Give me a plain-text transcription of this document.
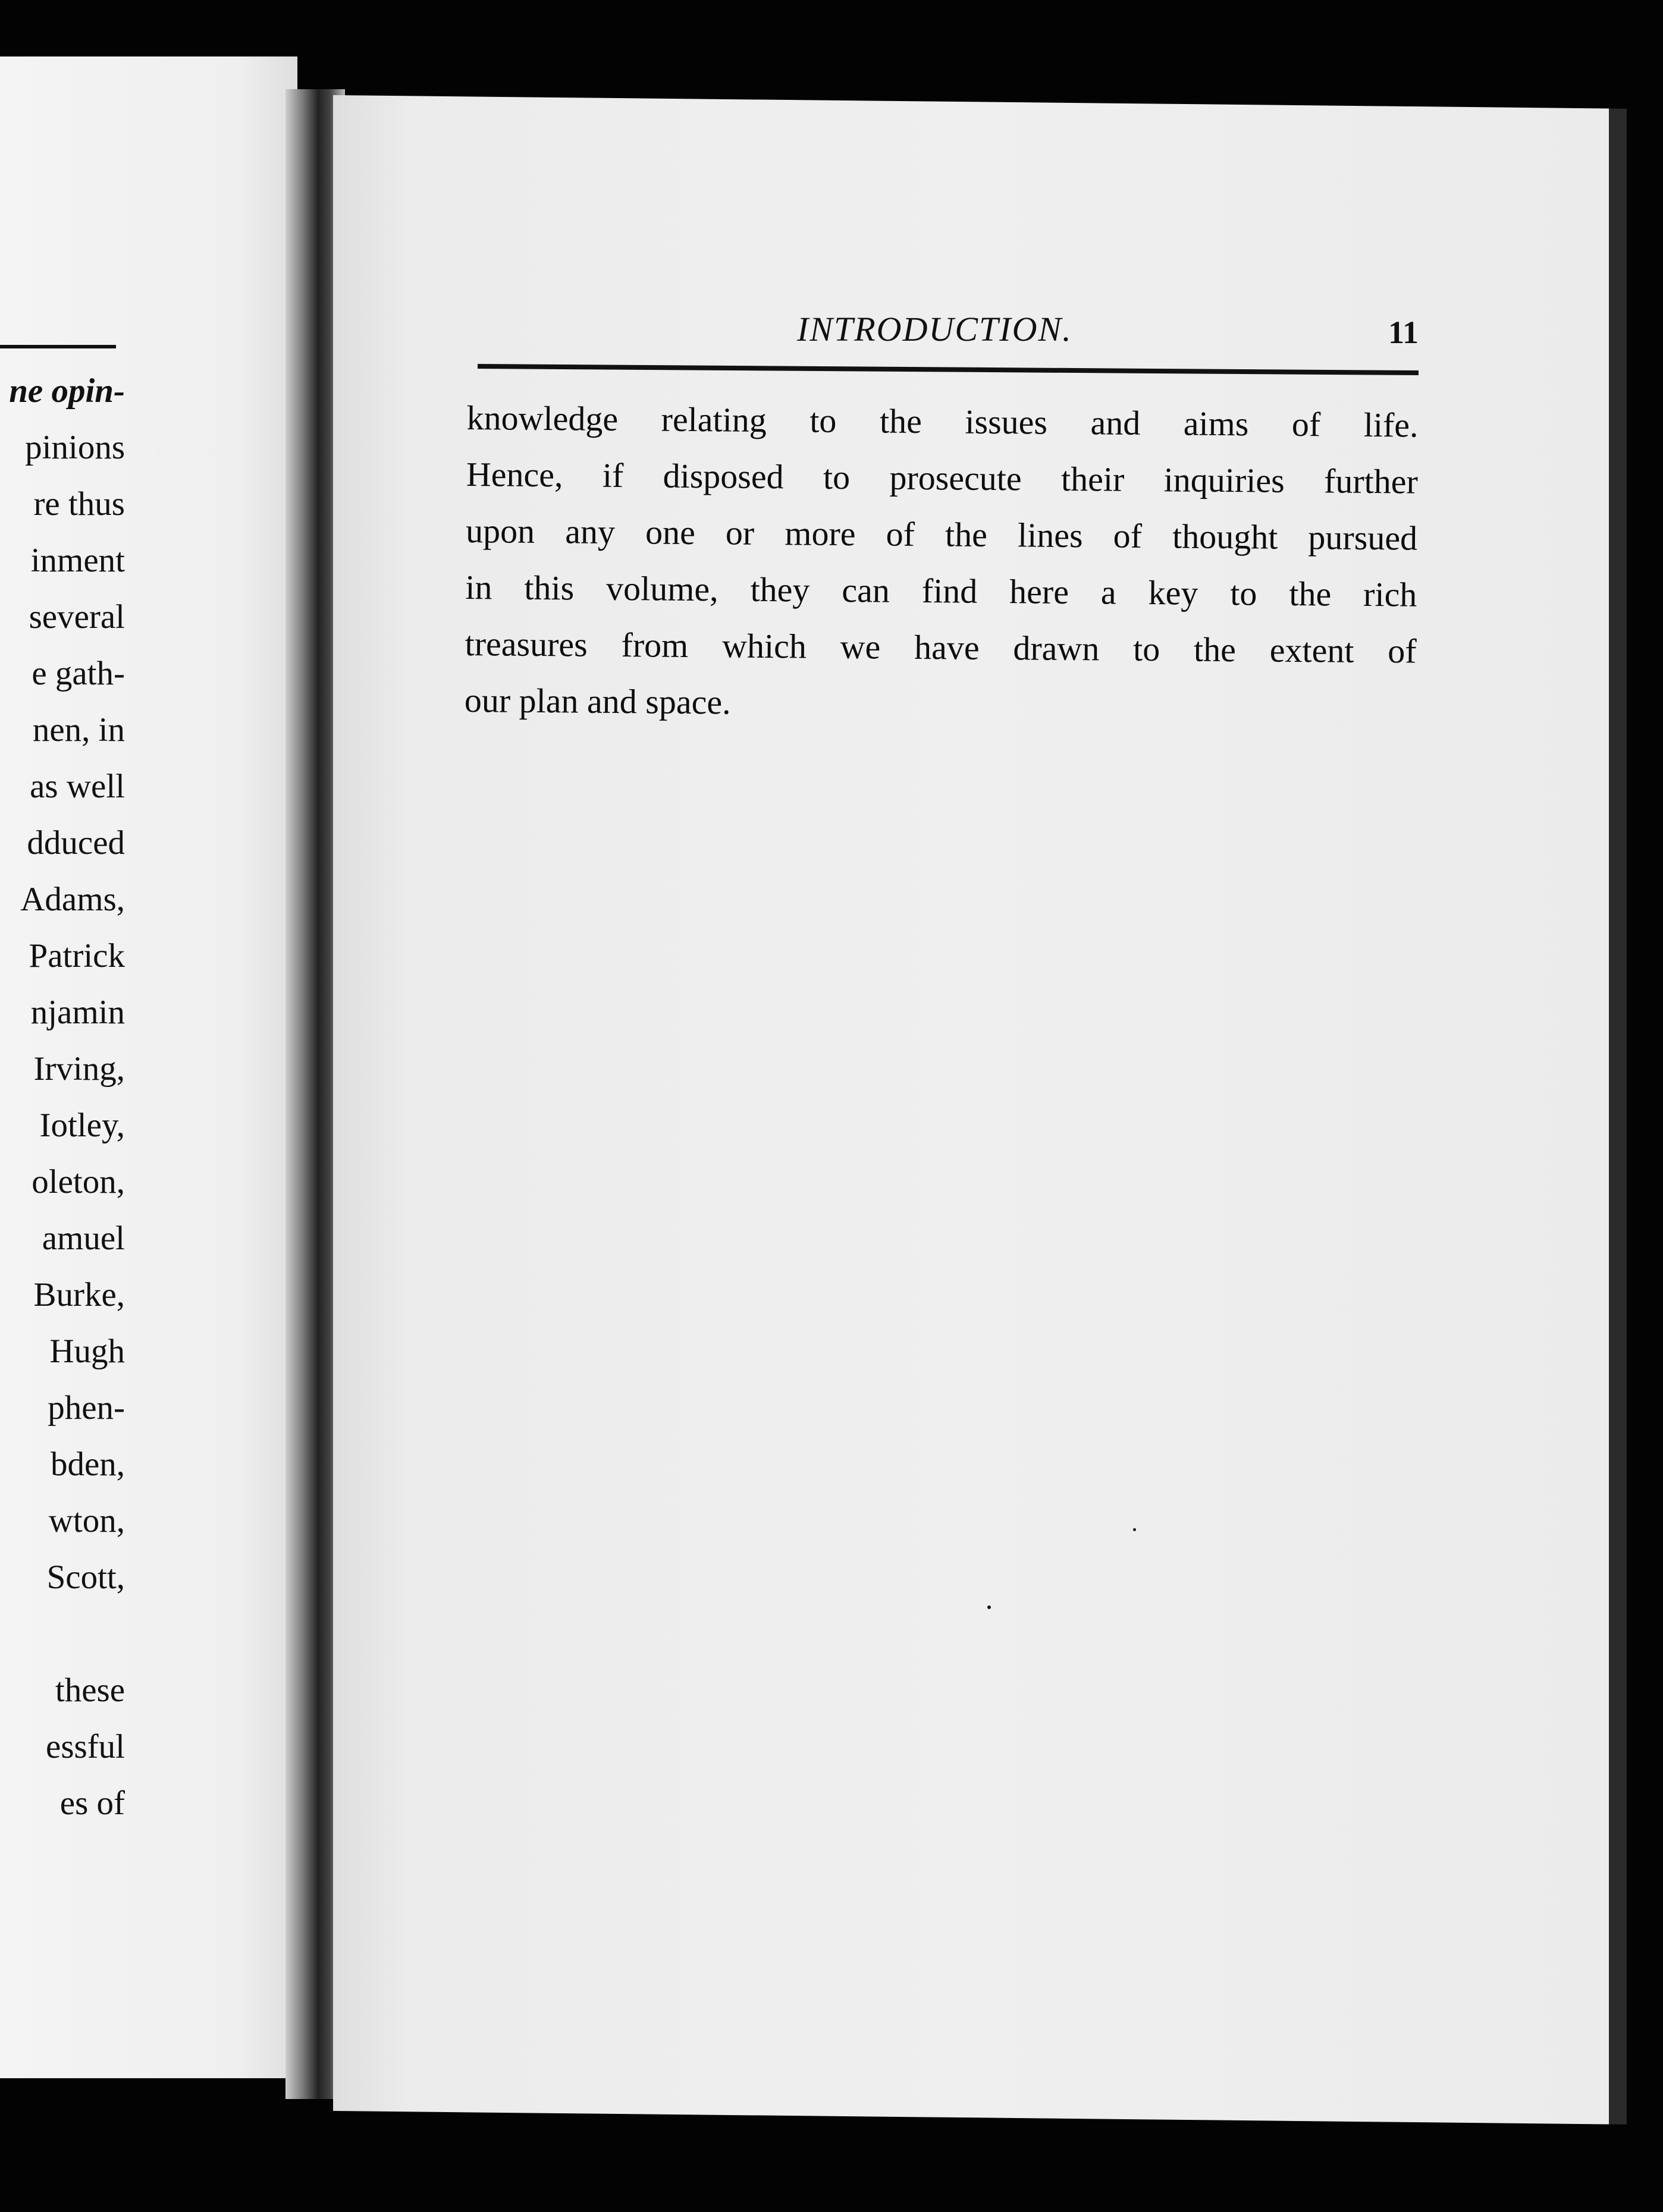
ne opin-
pinions
re thus
inment
several
e gath-
nen, in
as well
dduced
Adams,
Patrick
njamin
Irving,
Iotley,
oleton,
amuel
Burke,
Hugh
phen-
bden,
wton,
Scott,
these
essful
es of
INTRODUCTION.	11
knowledge relating to the issues and aims of life.
Hence, if disposed to prosecute their inquiries further
upon any one or more of the lines of thought pursued
in this volume, they can find here a key to the rich
treasures from which we have drawn to the extent of
our plan and space.
